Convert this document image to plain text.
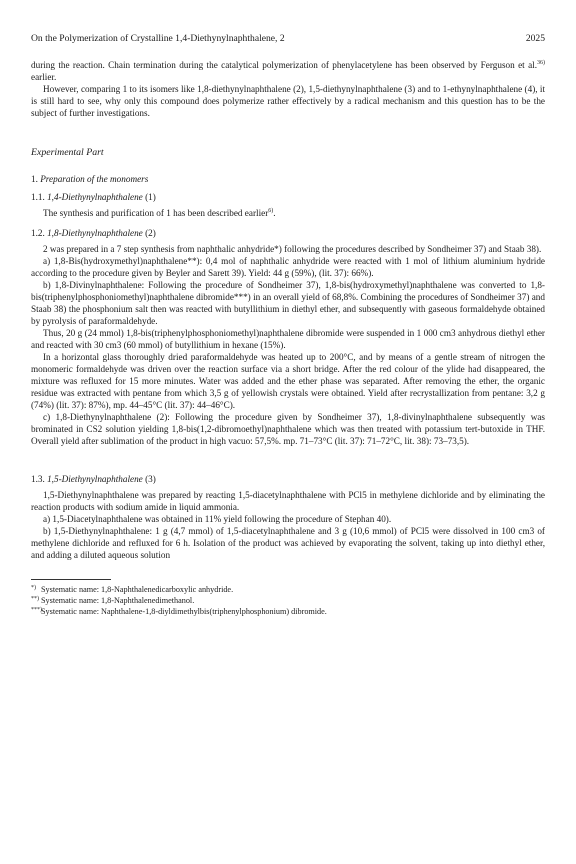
On the Polymerization of Crystalline 1,4-Diethynylnaphthalene, 2	2025

during the reaction. Chain termination during the catalytical polymerization of phenylacetylene has been observed by Ferguson et al.$^{36)}$ earlier.

However, comparing 1 to its isomers like 1,8-diethynylnaphthalene (2), 1,5-diethynylnaphthalene (3) and to 1-ethynylnaphthalene (4), it is still hard to see, why only this compound does polymerize rather effectively by a radical mechanism and this question has to be the subject of further investigations.

Experimental Part
1. Preparation of the monomers
1.1. 1,4-Diethynylnaphthalene (1)

The synthesis and purification of 1 has been described earlier$^{6)}$.

1.2. 1,8-Diethynylnaphthalene (2)

2 was prepared in a 7 step synthesis from naphthalic anhydride*) following the procedures described by Sondheimer 37) and Staab 38).

a) 1,8-Bis(hydroxymethyl)naphthalene**): 0,4 mol of naphthalic anhydride were reacted with 1 mol of lithium aluminium hydride according to the procedure given by Beyler and Sarett 39). Yield: 44 g (59%), (lit. 37): 66%).

b) 1,8-Divinylnaphthalene: Following the procedure of Sondheimer 37), 1,8-bis(hydroxymethyl)naphthalene was converted to 1,8-bis(triphenylphosphoniomethyl)naphthalene dibromide***) in an overall yield of 68,8%. Combining the procedures of Sondheimer 37) and Staab 38) the phosphonium salt then was reacted with butyllithium in diethyl ether, and subsequently with gaseous formaldehyde obtained by pyrolysis of paraformaldehyde.

Thus, 20 g (24 mmol) 1,8-bis(triphenylphosphoniomethyl)naphthalene dibromide were suspended in 1 000 cm3 anhydrous diethyl ether and reacted with 30 cm3 (60 mmol) of butyllithium in hexane (15%).

In a horizontal glass thoroughly dried paraformaldehyde was heated up to 200°C, and by means of a gentle stream of nitrogen the monomeric formaldehyde was driven over the reaction surface via a short bridge. After the red colour of the ylide had disappeared, the mixture was refluxed for 15 more minutes. Water was added and the ether phase was separated. After removing the ether, the organic residue was extracted with pentane from which 3,5 g of yellowish crystals were obtained. Yield after recrystallization from pentane: 3,2 g (74%) (lit. 37): 87%), mp. 44–45°C (lit. 37): 44–46°C).

c) 1,8-Diethynylnaphthalene (2): Following the procedure given by Sondheimer 37), 1,8-divinylnaphthalene subsequently was brominated in CS2 solution yielding 1,8-bis(1,2-dibromoethyl)naphthalene which was then treated with potassium tert-butoxide in THF. Overall yield after sublimation of the product in high vacuo: 57,5%. mp. 71–73°C (lit. 37): 71–72°C, lit. 38): 73–73,5).

1.3. 1,5-Diethynylnaphthalene (3)

1,5-Diethynylnaphthalene was prepared by reacting 1,5-diacetylnaphthalene with PCl5 in methylene dichloride and by eliminating the reaction products with sodium amide in liquid ammonia.

a) 1,5-Diacetylnaphthalene was obtained in 11% yield following the procedure of Stephan 40).

b) 1,5-Diethynylnaphthalene: 1 g (4,7 mmol) of 1,5-diacetylnaphthalene and 3 g (10,6 mmol) of PCl5 were dissolved in 100 cm3 of methylene dichloride and refluxed for 6 h. Isolation of the product was achieved by evaporating the solvent, taking up into diethyl ether, and adding a diluted aqueous solution

*) Systematic name: 1,8-Naphthalenedicarboxylic anhydride.

**) Systematic name: 1,8-Naphthalenedimethanol.

***) Systematic name: Naphthalene-1,8-diyldimethylbis(triphenylphosphonium) dibromide.
